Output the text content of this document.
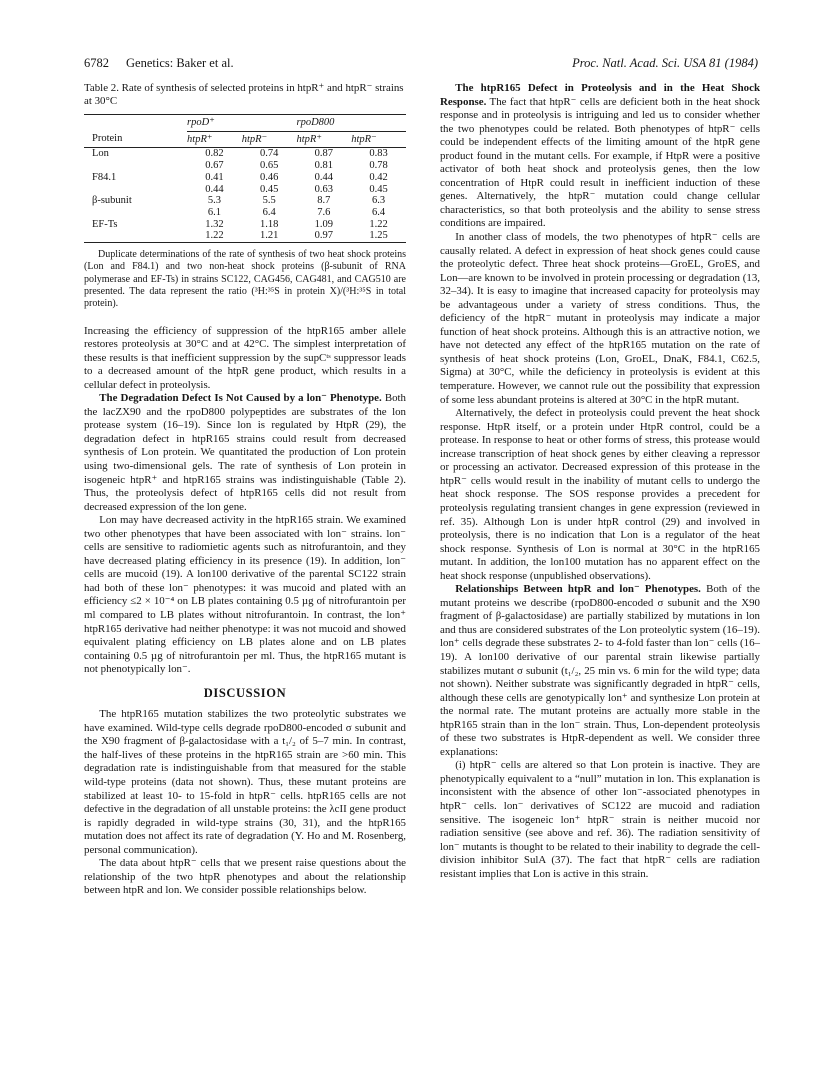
6782 Genetics: Baker et al.	Proc. Natl. Acad. Sci. USA 81 (1984)

Table 2. Rate of synthesis of selected proteins in htpR⁺ and htpR⁻ strains at 30°C

	rpoD⁺		rpoD800	
Protein	htpR⁺	htpR⁻	htpR⁺	htpR⁻
Lon	0.82	0.74	0.87	0.83
	0.67	0.65	0.81	0.78
F84.1	0.41	0.46	0.44	0.42
	0.44	0.45	0.63	0.45
β-subunit	5.3	5.5	8.7	6.3
	6.1	6.4	7.6	6.4
EF-Ts	1.32	1.18	1.09	1.22
	1.22	1.21	0.97	1.25

Duplicate determinations of the rate of synthesis of two heat shock proteins (Lon and F84.1) and two non-heat shock proteins (β-subunit of RNA polymerase and EF-Ts) in strains SC122, CAG456, CAG481, and CAG510 are presented. The data represent the ratio (³H:³⁵S in protein X)/(³H:³⁵S in total protein).

Increasing the efficiency of suppression of the htpR165 amber allele restores proteolysis at 30°C and at 42°C. The simplest interpretation of these results is that inefficient suppression by the supCᵗˢ suppressor leads to a decreased amount of the htpR gene product, which results in a cellular defect in proteolysis.

The Degradation Defect Is Not Caused by a lon⁻ Phenotype. Both the lacZX90 and the rpoD800 polypeptides are substrates of the lon protease system (16–19). Since lon is regulated by HtpR (29), the degradation defect in htpR165 strains could result from decreased synthesis of Lon protein. We quantitated the production of Lon protein using two-dimensional gels. The rate of synthesis of Lon protein in isogeneic htpR⁺ and htpR165 strains was indistinguishable (Table 2). Thus, the proteolysis defect of htpR165 cells did not result from decreased expression of the lon gene.

Lon may have decreased activity in the htpR165 strain. We examined two other phenotypes that have been associated with lon⁻ strains. lon⁻ cells are sensitive to radiomietic agents such as nitrofurantoin, and they have decreased plating efficiency in its presence (19). In addition, lon⁻ cells are mucoid (19). A lon100 derivative of the parental SC122 strain had both of these lon⁻ phenotypes: it was mucoid and plated with an efficiency ≤2 × 10⁻⁴ on LB plates containing 0.5 µg of nitrofurantoin per ml compared to LB plates without nitrofurantoin. In contrast, the lon⁺ htpR165 derivative had neither phenotype: it was not mucoid and showed equivalent plating efficiency on LB plates alone and on LB plates containing 0.5 µg of nitrofurantoin per ml. Thus, the htpR165 mutant is not phenotypically lon⁻.

DISCUSSION

The htpR165 mutation stabilizes the two proteolytic substrates we have examined. Wild-type cells degrade rpoD800-encoded σ subunit and the X90 fragment of β-galactosidase with a t₁/₂ of 5–7 min. In contrast, the half-lives of these proteins in the htpR165 strain are >60 min. This degradation rate is indistinguishable from that measured for the stable wild-type proteins (data not shown). Thus, these mutant proteins are stabilized at least 10- to 15-fold in htpR⁻ cells. htpR165 cells are not defective in the degradation of all unstable proteins: the λcII gene product is rapidly degraded in wild-type strains (30, 31), and the htpR165 mutation does not affect its rate of degradation (Y. Ho and M. Rosenberg, personal communication).

The data about htpR⁻ cells that we present raise questions about the relationship of the two htpR phenotypes and about the relationship between htpR and lon. We consider possible relationships below.

The htpR165 Defect in Proteolysis and in the Heat Shock Response. The fact that htpR⁻ cells are deficient both in the heat shock response and in proteolysis is intriguing and led us to consider whether the two phenotypes could be related. Both phenotypes of htpR⁻ cells could be independent effects of the limiting amount of the htpR gene product found in the mutant cells. For example, if HtpR were a positive activator of both heat shock and proteolysis genes, then the low concentration of HtpR could result in inefficient induction of these genes. Alternatively, the htpR⁻ mutation could change cellular characteristics, so that both proteolysis and the ability to sense stress conditions are impaired.

In another class of models, the two phenotypes of htpR⁻ cells are causally related. A defect in expression of heat shock genes could cause the proteolytic defect. Three heat shock proteins—GroEL, GroES, and Lon—are known to be involved in protein processing or degradation (13, 32–34). It is easy to imagine that increased capacity for proteolysis may be advantageous under a variety of stress conditions. Thus, the deficiency of the htpR⁻ mutant in proteolysis may indicate a major function of heat shock proteins. Although this is an attractive notion, we have not detected any effect of the htpR165 mutation on the rate of synthesis of heat shock proteins (Lon, GroEL, DnaK, F84.1, C62.5, Sigma) at 30°C, while the deficiency in proteolysis is evident at this temperature. However, we cannot rule out the possibility that expression of some less abundant proteins is altered at 30°C in the htpR mutant.

Alternatively, the defect in proteolysis could prevent the heat shock response. HtpR itself, or a protein under HtpR control, could be a protease. In response to heat or other forms of stress, this protease would increase transcription of heat shock genes by either cleaving a repressor or processing an activator. Decreased expression of this protease in the htpR⁻ cells would result in the inability of mutant cells to undergo the heat shock response. The SOS response provides a precedent for proteolysis regulating transient changes in gene expression (reviewed in ref. 35). Although Lon is under htpR control (29) and involved in proteolysis, there is no indication that Lon is a regulator of the heat shock response. Synthesis of Lon is normal at 30°C in the htpR165 mutant. In addition, the lon100 mutation has no apparent effect on the heat shock response (unpublished observations).

Relationships Between htpR and lon⁻ Phenotypes. Both of the mutant proteins we describe (rpoD800-encoded σ subunit and the X90 fragment of β-galactosidase) are partially stabilized by mutations in lon and thus are considered substrates of the Lon proteolytic system (16–19). lon⁺ cells degrade these substrates 2- to 4-fold faster than lon⁻ cells (16–19). A lon100 derivative of our parental strain likewise partially stabilizes mutant σ subunit (t₁/₂, 25 min vs. 6 min for the wild type; data not shown). Neither substrate was significantly degraded in htpR⁻ cells, although these cells are genotypically lon⁺ and synthesize Lon protein at the normal rate. The mutant proteins are actually more stable in the htpR165 strain than in the lon⁻ strain. Thus, Lon-dependent proteolysis of these two substrates is HtpR-dependent as well. We consider three explanations:

(i) htpR⁻ cells are altered so that Lon protein is inactive. They are phenotypically equivalent to a “null” mutation in lon. This explanation is inconsistent with the absence of other lon⁻-associated phenotypes in htpR⁻ cells. lon⁻ derivatives of SC122 are mucoid and radiation sensitive. The isogeneic lon⁺ htpR⁻ strain is neither mucoid nor radiation sensitive (see above and ref. 36). The radiation sensitivity of lon⁻ mutants is thought to be related to their inability to degrade the cell-division inhibitor SulA (37). The fact that htpR⁻ cells are radiation resistant implies that Lon is active in this strain.
